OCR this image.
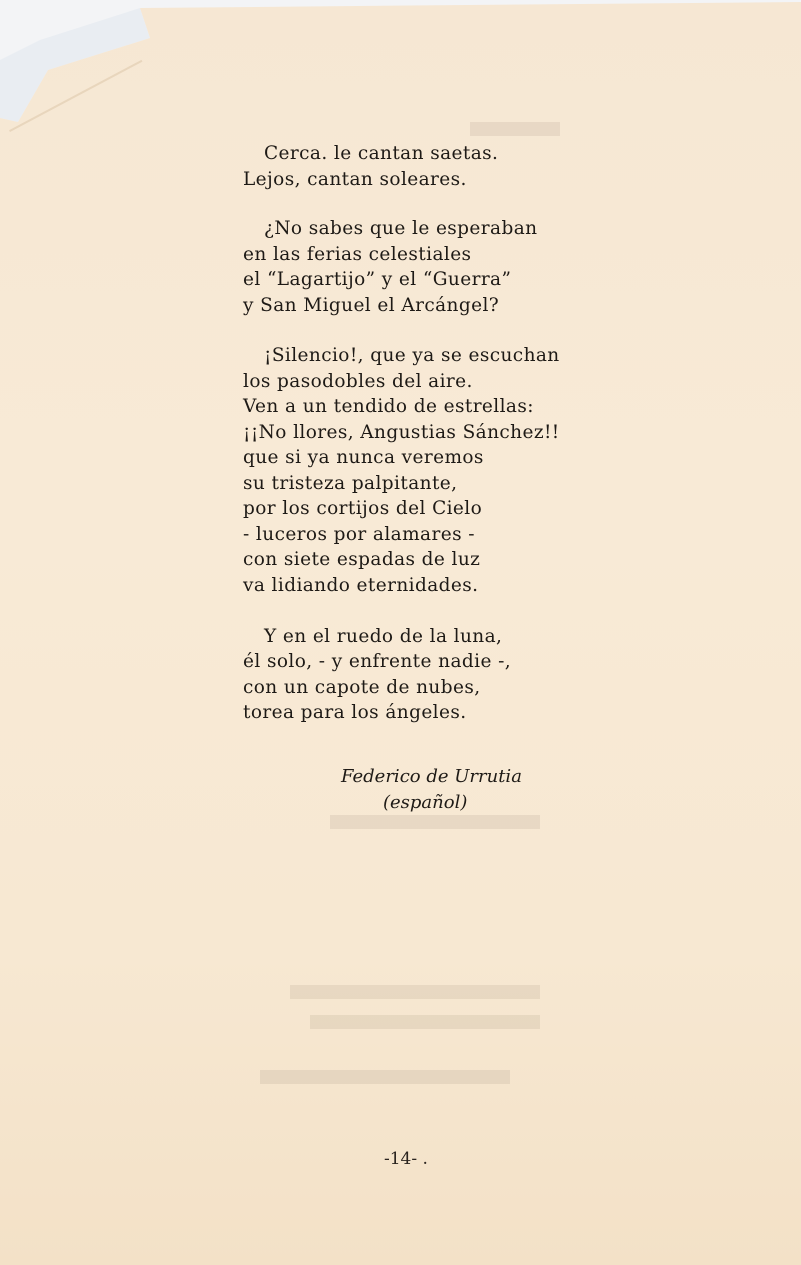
Cerca. le cantan saetas.
Lejos, cantan soleares.
¿No sabes que le esperaban
en las ferias celestiales
el “Lagartijo” y el “Guerra”
y San Miguel el Arcángel?
¡Silencio!, que ya se escuchan
los pasodobles del aire.
Ven a un tendido de estrellas:
¡¡No llores, Angustias Sánchez!!
que si ya nunca veremos
su tristeza palpitante,
por los cortijos del Cielo
- luceros por alamares -
con siete espadas de luz
va lidiando eternidades.
Y en el ruedo de la luna,
él solo, - y enfrente nadie -,
con un capote de nubes,
torea para los ángeles.
Federico de Urrutia
(español)
-14- .
